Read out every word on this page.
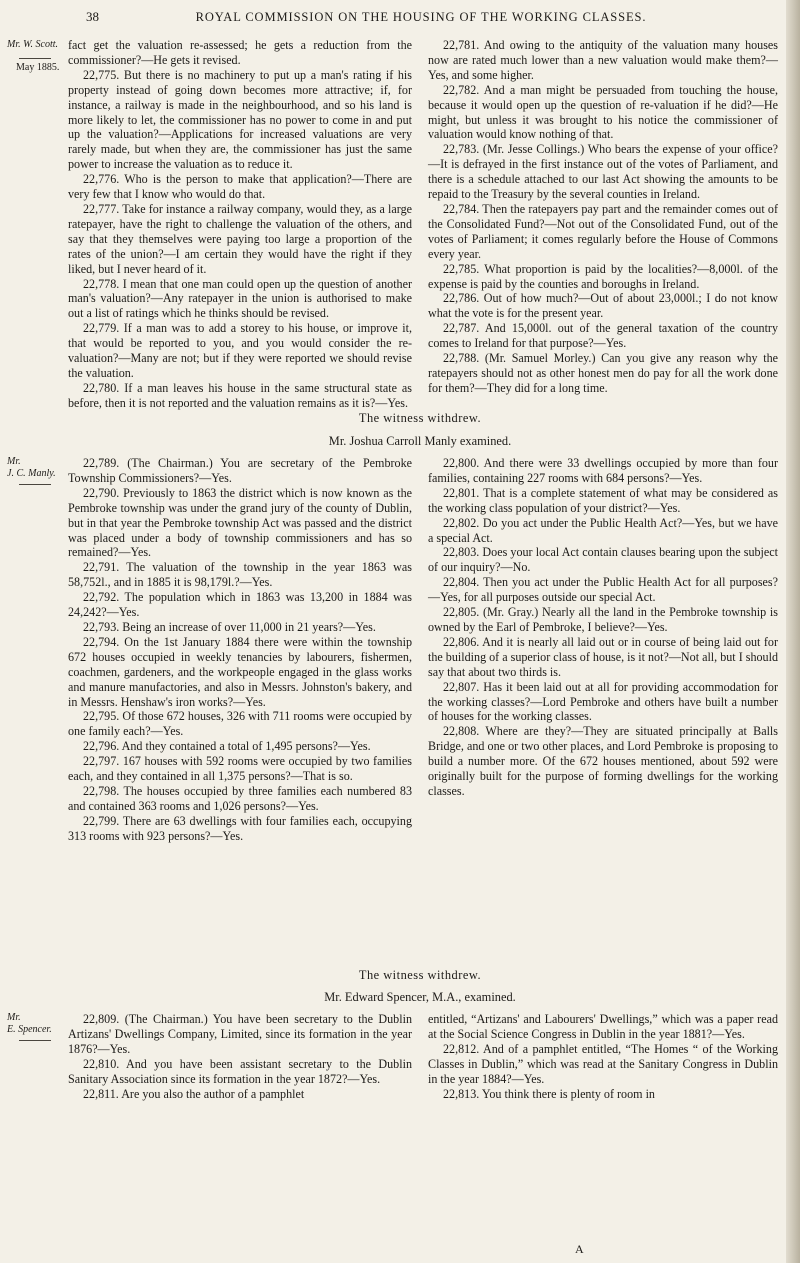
38	ROYAL COMMISSION ON THE HOUSING OF THE WORKING CLASSES.
Mr. W. Scott.
May 1885.
Mr.
J. C. Manly.
Mr.
E. Spencer.

fact get the valuation re-assessed; he gets a reduction from the commissioner?—He gets it revised.

22,775. But there is no machinery to put up a man's rating if his property instead of going down becomes more attractive; if, for instance, a railway is made in the neighbourhood, and so his land is more likely to let, the commissioner has no power to come in and put up the valuation?—Applications for increased valuations are very rarely made, but when they are, the commissioner has just the same power to increase the valuation as to reduce it.

22,776. Who is the person to make that application?—There are very few that I know who would do that.

22,777. Take for instance a railway company, would they, as a large ratepayer, have the right to challenge the valuation of the others, and say that they themselves were paying too large a proportion of the rates of the union?—I am certain they would have the right if they liked, but I never heard of it.

22,778. I mean that one man could open up the question of another man's valuation?—Any ratepayer in the union is authorised to make out a list of ratings which he thinks should be revised.

22,779. If a man was to add a storey to his house, or improve it, that would be reported to you, and you would consider the re-valuation?—Many are not; but if they were reported we should revise the valuation.

22,780. If a man leaves his house in the same structural state as before, then it is not reported and the valuation remains as it is?—Yes.

22,781. And owing to the antiquity of the valuation many houses now are rated much lower than a new valuation would make them?—Yes, and some higher.

22,782. And a man might be persuaded from touching the house, because it would open up the question of re-valuation if he did?—He might, but unless it was brought to his notice the commissioner of valuation would know nothing of that.

22,783. (Mr. Jesse Collings.) Who bears the expense of your office?—It is defrayed in the first instance out of the votes of Parliament, and there is a schedule attached to our last Act showing the amounts to be repaid to the Treasury by the several counties in Ireland.

22,784. Then the ratepayers pay part and the remainder comes out of the Consolidated Fund?—Not out of the Consolidated Fund, out of the votes of Parliament; it comes regularly before the House of Commons every year.

22,785. What proportion is paid by the localities?—8,000l. of the expense is paid by the counties and boroughs in Ireland.

22,786. Out of how much?—Out of about 23,000l.; I do not know what the vote is for the present year.

22,787. And 15,000l. out of the general taxation of the country comes to Ireland for that purpose?—Yes.

22,788. (Mr. Samuel Morley.) Can you give any reason why the ratepayers should not as other honest men do pay for all the work done for them?—They did for a long time.

The witness withdrew.
Mr. Joshua Carroll Manly examined.

22,789. (The Chairman.) You are secretary of the Pembroke Township Commissioners?—Yes.

22,790. Previously to 1863 the district which is now known as the Pembroke township was under the grand jury of the county of Dublin, but in that year the Pembroke township Act was passed and the district was placed under a body of township commissioners and has so remained?—Yes.

22,791. The valuation of the township in the year 1863 was 58,752l., and in 1885 it is 98,179l.?—Yes.

22,792. The population which in 1863 was 13,200 in 1884 was 24,242?—Yes.

22,793. Being an increase of over 11,000 in 21 years?—Yes.

22,794. On the 1st January 1884 there were within the township 672 houses occupied in weekly tenancies by labourers, fishermen, coachmen, gardeners, and the workpeople engaged in the glass works and manure manufactories, and also in Messrs. Johnston's bakery, and in Messrs. Henshaw's iron works?—Yes.

22,795. Of those 672 houses, 326 with 711 rooms were occupied by one family each?—Yes.

22,796. And they contained a total of 1,495 persons?—Yes.

22,797. 167 houses with 592 rooms were occupied by two families each, and they contained in all 1,375 persons?—That is so.

22,798. The houses occupied by three families each numbered 83 and contained 363 rooms and 1,026 persons?—Yes.

22,799. There are 63 dwellings with four families each, occupying 313 rooms with 923 persons?—Yes.

22,800. And there were 33 dwellings occupied by more than four families, containing 227 rooms with 684 persons?—Yes.

22,801. That is a complete statement of what may be considered as the working class population of your district?—Yes.

22,802. Do you act under the Public Health Act?—Yes, but we have a special Act.

22,803. Does your local Act contain clauses bearing upon the subject of our inquiry?—No.

22,804. Then you act under the Public Health Act for all purposes?—Yes, for all purposes outside our special Act.

22,805. (Mr. Gray.) Nearly all the land in the Pembroke township is owned by the Earl of Pembroke, I believe?—Yes.

22,806. And it is nearly all laid out or in course of being laid out for the building of a superior class of house, is it not?—Not all, but I should say that about two thirds is.

22,807. Has it been laid out at all for providing accommodation for the working classes?—Lord Pembroke and others have built a number of houses for the working classes.

22,808. Where are they?—They are situated principally at Balls Bridge, and one or two other places, and Lord Pembroke is proposing to build a number more. Of the 672 houses mentioned, about 592 were originally built for the purpose of forming dwellings for the working classes.

The witness withdrew.
Mr. Edward Spencer, M.A., examined.

22,809. (The Chairman.) You have been secretary to the Dublin Artizans' Dwellings Company, Limited, since its formation in the year 1876?—Yes.

22,810. And you have been assistant secretary to the Dublin Sanitary Association since its formation in the year 1872?—Yes.

22,811. Are you also the author of a pamphlet

entitled, “Artizans' and Labourers' Dwellings,” which was a paper read at the Social Science Congress in Dublin in the year 1881?—Yes.

22,812. And of a pamphlet entitled, “The Homes “ of the Working Classes in Dublin,” which was read at the Sanitary Congress in Dublin in the year 1884?—Yes.

22,813. You think there is plenty of room in

A
